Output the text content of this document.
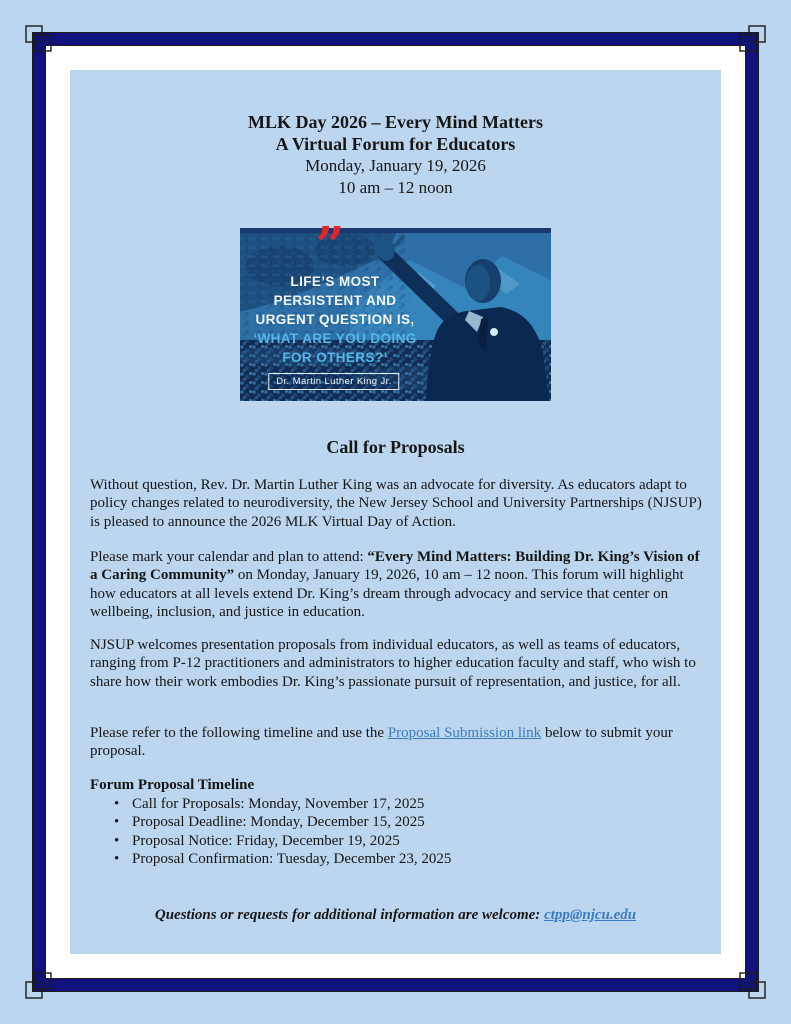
MLK Day 2026 – Every Mind Matters
A Virtual Forum for Educators
Monday, January 19, 2026
10 am – 12 noon
”
LIFE’S MOST
PERSISTENT AND
URGENT QUESTION IS,
‘WHAT ARE YOU DOING
FOR OTHERS?’
Dr. Martin Luther King Jr.
Call for Proposals
Without question, Rev. Dr. Martin Luther King was an advocate for diversity. As educators adapt to policy changes related to neurodiversity, the New Jersey School and University Partnerships (NJSUP) is pleased to announce the 2026 MLK Virtual Day of Action.
Please mark your calendar and plan to attend: “Every Mind Matters: Building Dr. King’s Vision of a Caring Community” on Monday, January 19, 2026, 10 am – 12 noon. This forum will highlight how educators at all levels extend Dr. King’s dream through advocacy and service that center on wellbeing, inclusion, and justice in education.
NJSUP welcomes presentation proposals from individual educators, as well as teams of educators, ranging from P-12 practitioners and administrators to higher education faculty and staff, who wish to share how their work embodies Dr. King’s passionate pursuit of representation, and justice, for all.
Please refer to the following timeline and use the Proposal Submission link below to submit your proposal.
Forum Proposal Timeline
• Call for Proposals: Monday, November 17, 2025
• Proposal Deadline: Monday, December 15, 2025
• Proposal Notice: Friday, December 19, 2025
• Proposal Confirmation: Tuesday, December 23, 2025
Questions or requests for additional information are welcome: ctpp@njcu.edu
